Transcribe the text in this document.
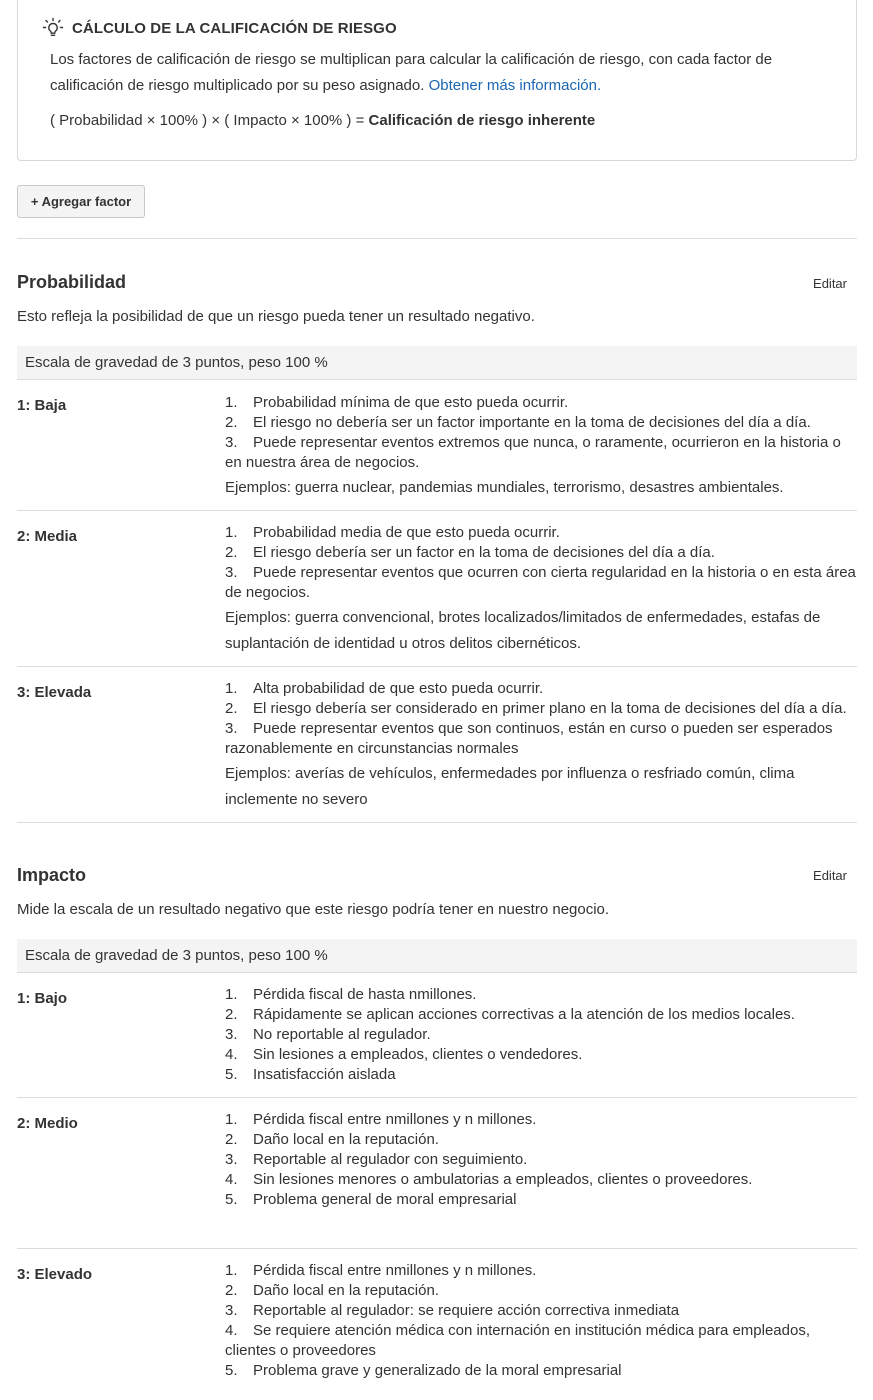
CÁLCULO DE LA CALIFICACIÓN DE RIESGO
Los factores de calificación de riesgo se multiplican para calcular la calificación de riesgo, con cada factor de calificación de riesgo multiplicado por su peso asignado. Obtener más información.
( Probabilidad × 100% ) × ( Impacto × 100% ) = Calificación de riesgo inherente
+ Agregar factor
Probabilidad	Editar
Esto refleja la posibilidad de que un riesgo pueda tener un resultado negativo.
Escala de gravedad de 3 puntos, peso 100 %
1: Baja	1. Probabilidad mínima de que esto pueda ocurrir.
2. El riesgo no debería ser un factor importante en la toma de decisiones del día a día.
3. Puede representar eventos extremos que nunca, o raramente, ocurrieron en la historia o en nuestra área de negocios.
Ejemplos: guerra nuclear, pandemias mundiales, terrorismo, desastres ambientales.
2: Media	1. Probabilidad media de que esto pueda ocurrir.
2. El riesgo debería ser un factor en la toma de decisiones del día a día.
3. Puede representar eventos que ocurren con cierta regularidad en la historia o en esta área de negocios.
Ejemplos: guerra convencional, brotes localizados/limitados de enfermedades, estafas de suplantación de identidad u otros delitos cibernéticos.
3: Elevada	1. Alta probabilidad de que esto pueda ocurrir.
2. El riesgo debería ser considerado en primer plano en la toma de decisiones del día a día.
3. Puede representar eventos que son continuos, están en curso o pueden ser esperados razonablemente en circunstancias normales
Ejemplos: averías de vehículos, enfermedades por influenza o resfriado común, clima inclemente no severo
Impacto	Editar
Mide la escala de un resultado negativo que este riesgo podría tener en nuestro negocio.
Escala de gravedad de 3 puntos, peso 100 %
1: Bajo	1. Pérdida fiscal de hasta nmillones.
2. Rápidamente se aplican acciones correctivas a la atención de los medios locales.
3. No reportable al regulador.
4. Sin lesiones a empleados, clientes o vendedores.
5. Insatisfacción aislada
2: Medio	1. Pérdida fiscal entre nmillones y n millones.
2. Daño local en la reputación.
3. Reportable al regulador con seguimiento.
4. Sin lesiones menores o ambulatorias a empleados, clientes o proveedores.
5. Problema general de moral empresarial
3: Elevado	1. Pérdida fiscal entre nmillones y n millones.
2. Daño local en la reputación.
3. Reportable al regulador: se requiere acción correctiva inmediata
4. Se requiere atención médica con internación en institución médica para empleados, clientes o proveedores
5. Problema grave y generalizado de la moral empresarial
